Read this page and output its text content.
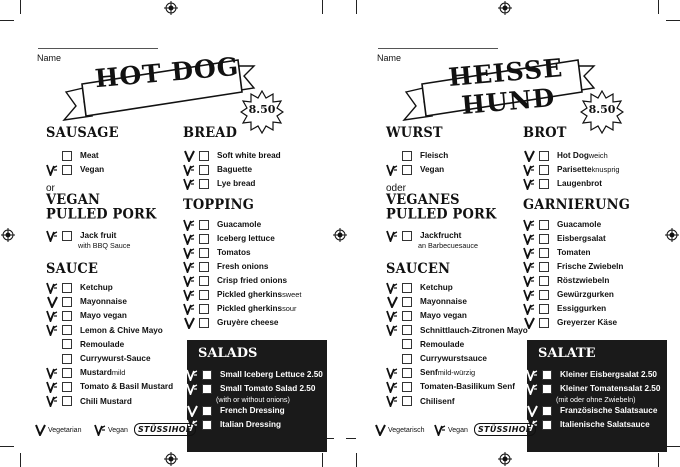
Name HOT DOG
8.50
SAUSAGE
Meat
Vegan
or
VEGAN
PULLED PORK
Jack fruit
with BBQ Sauce
SAUCE
Ketchup
Mayonnaise
Mayo vegan
Lemon & Chive Mayo
Remoulade
Currywurst-Sauce
Mustard mild
Tomato & Basil Mustard
Chili Mustard
BREAD
Soft white bread
Baguette
Lye bread
TOPPING
Guacamole
Iceberg lettuce
Tomatos
Fresh onions
Crisp fried onions
Pickled gherkins sweet
Pickled gherkins sour
Gruyère cheese
SALADS
(with or without onions)
Small Iceberg Lettuce 2.50
Small Tomato Salad 2.50
French Dressing
Italian Dressing
Vegetarian	Vegan	STÜSSIHOF
Name	HEISSE HUND	8.50
WURST
Fleisch
Vegan
oder
VEGANES
PULLED PORK
Jackfrucht
an Barbecuesauce
SAUCEN
Ketchup
Mayonnaise
Mayo vegan
Schnittlauch-Zitronen Mayo
Remoulade
Currywurstsauce
Senf mild-würzig
Tomaten-Basilikum Senf
Chilisenf
BROT
Hot Dog weich
Parisette knusprig
Laugenbrot
GARNIERUNG
Guacamole
Eisbergsalat
Tomaten
Frische Zwiebeln
Röstzwiebeln
Gewürzgurken
Essiggurken
Greyerzer Käse
SALATE
(mit oder ohne Zwiebeln)
Kleiner Eisbergsalat 2.50
Kleiner Tomatensalat 2.50
Französische Salatsauce
Italienische Salatsauce
Vegetarisch	Vegan	STÜSSIHOF
